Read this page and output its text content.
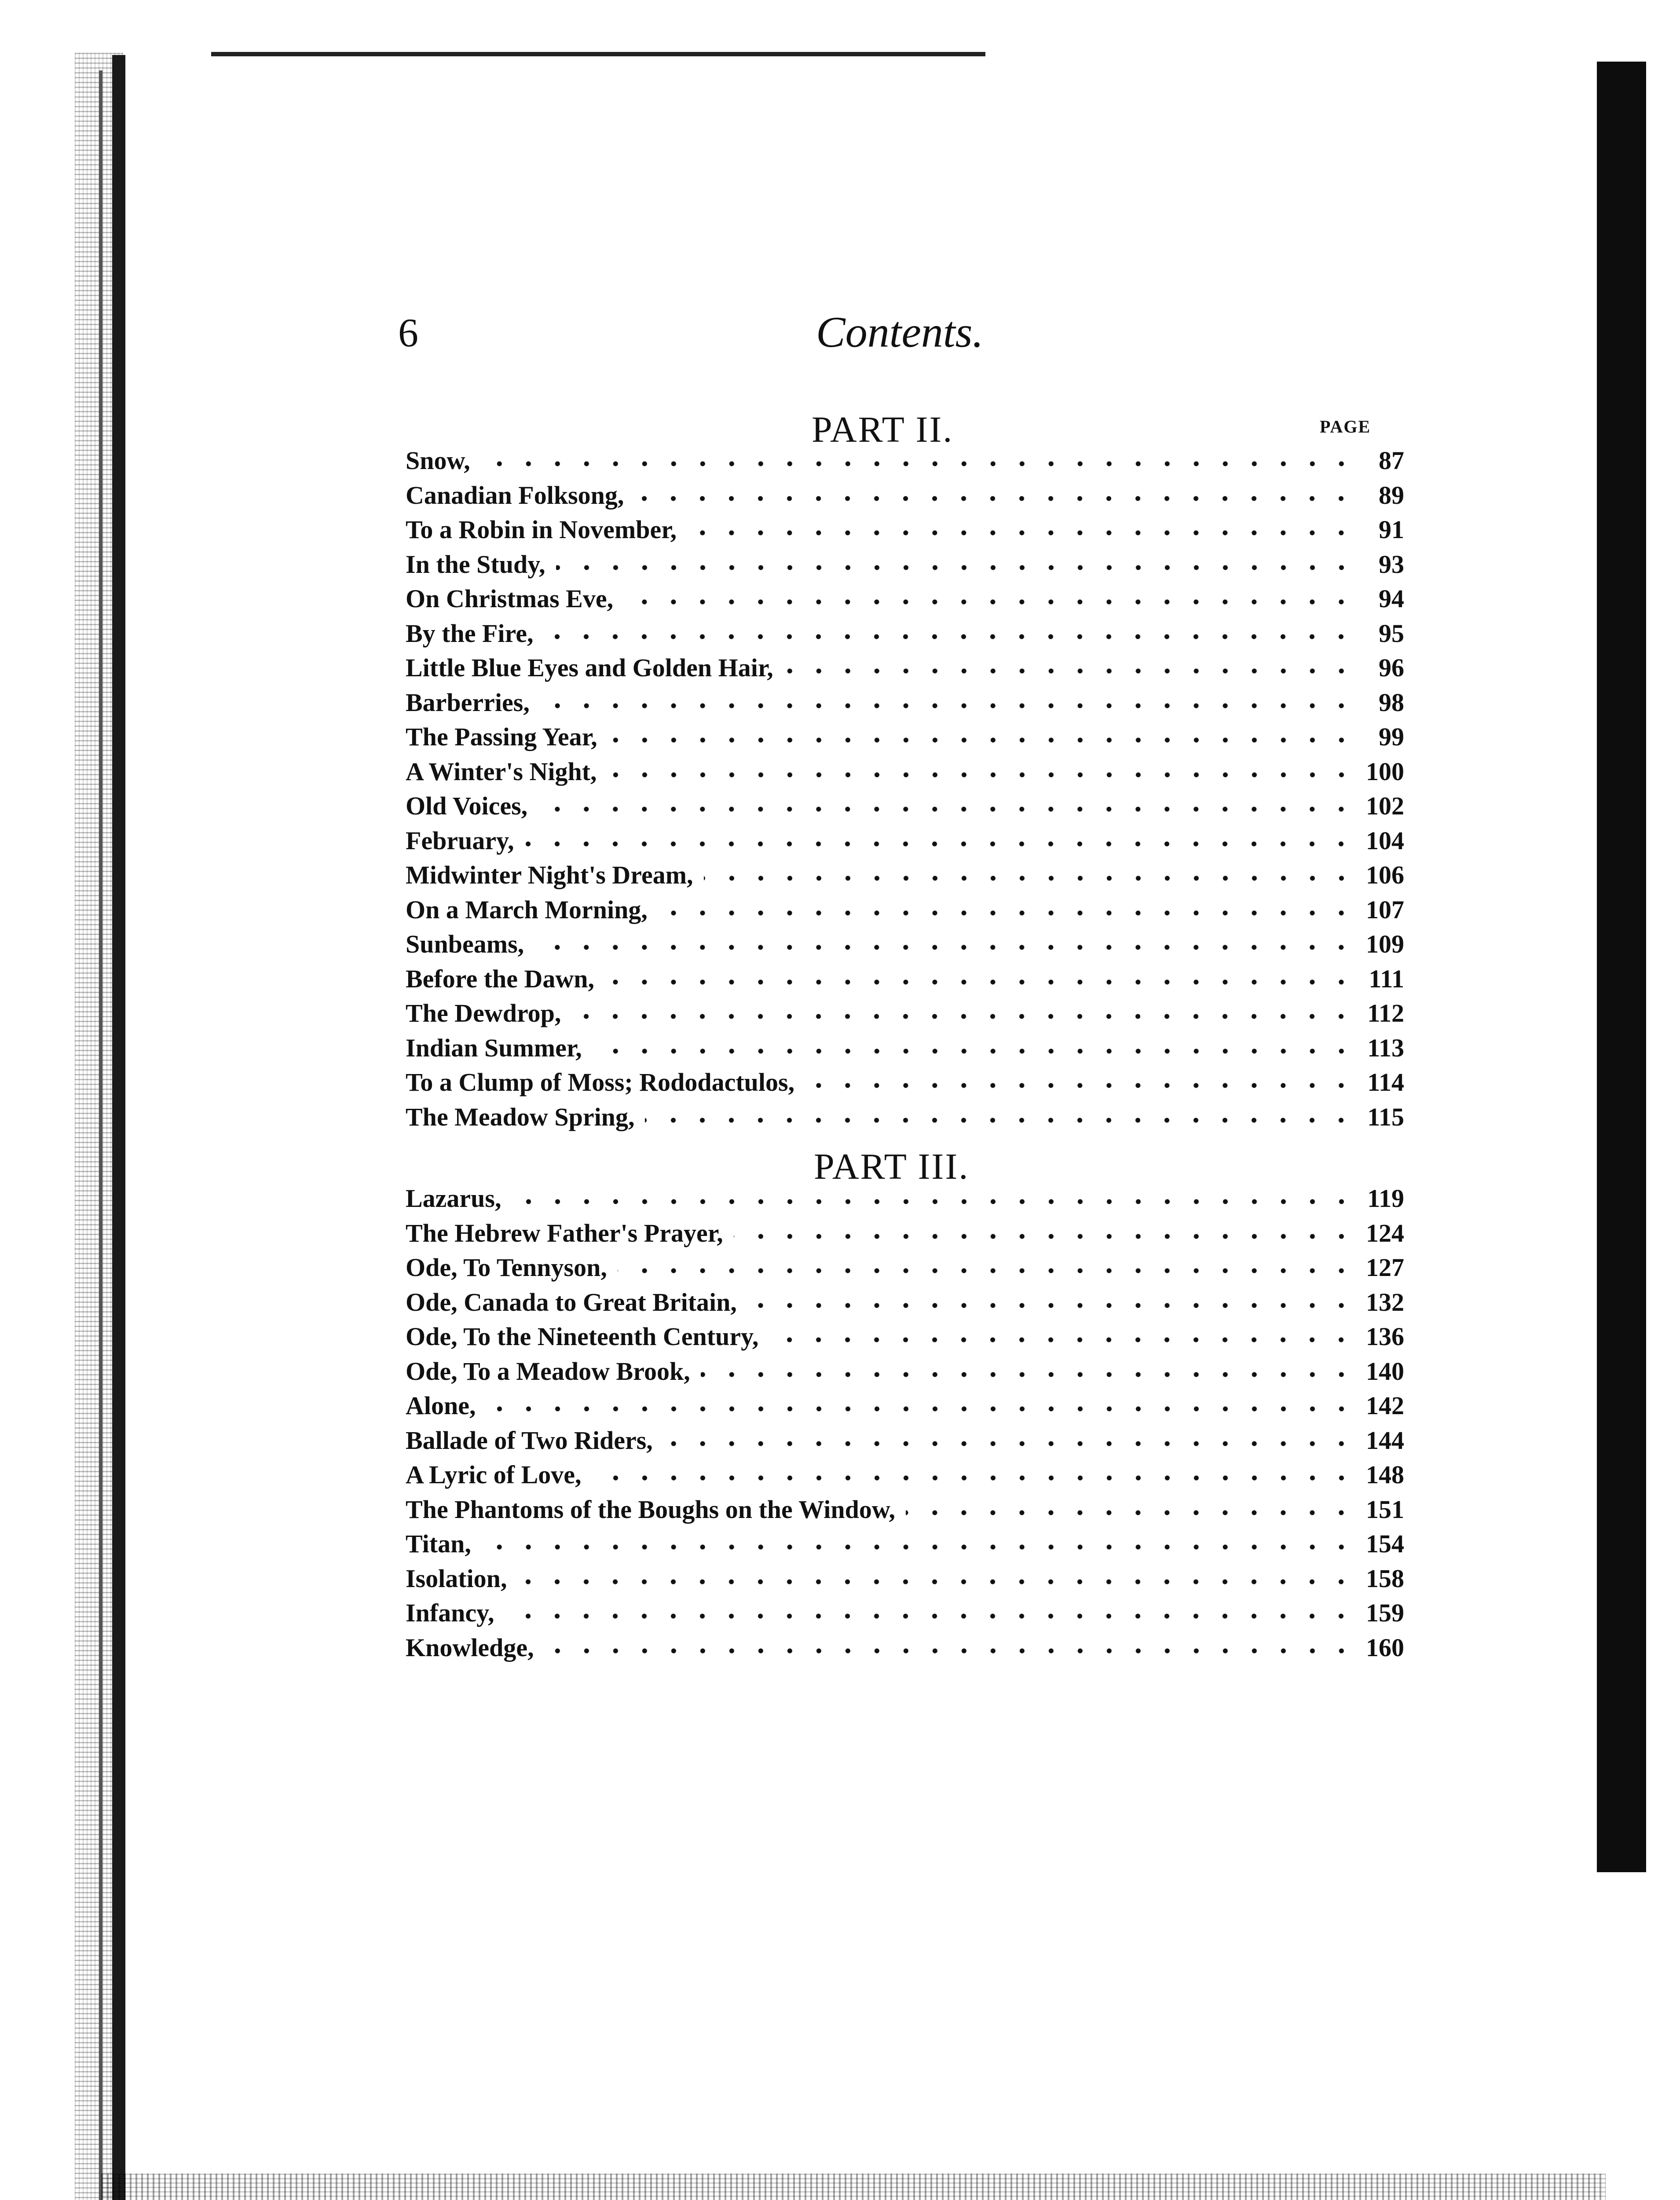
6	Contents.
PART II.	PAGE
Snow,	87
Canadian Folksong,	89
To a Robin in November,	91
In the Study,	93
On Christmas Eve,	94
By the Fire,	95
Little Blue Eyes and Golden Hair,	96
Barberries,	98
The Passing Year,	99
A Winter's Night,	100
Old Voices,	102
February,	104
Midwinter Night's Dream,	106
On a March Morning,	107
Sunbeams,	109
Before the Dawn,	111
The Dewdrop,	112
Indian Summer,	113
To a Clump of Moss; Rododactulos,	114
The Meadow Spring,	115
PART III.
Lazarus,	119
The Hebrew Father's Prayer,	124
Ode, To Tennyson,	127
Ode, Canada to Great Britain,	132
Ode, To the Nineteenth Century,	136
Ode, To a Meadow Brook,	140
Alone,	142
Ballade of Two Riders,	144
A Lyric of Love,	148
The Phantoms of the Boughs on the Window,	151
Titan,	154
Isolation,	158
Infancy,	159
Knowledge,	160
